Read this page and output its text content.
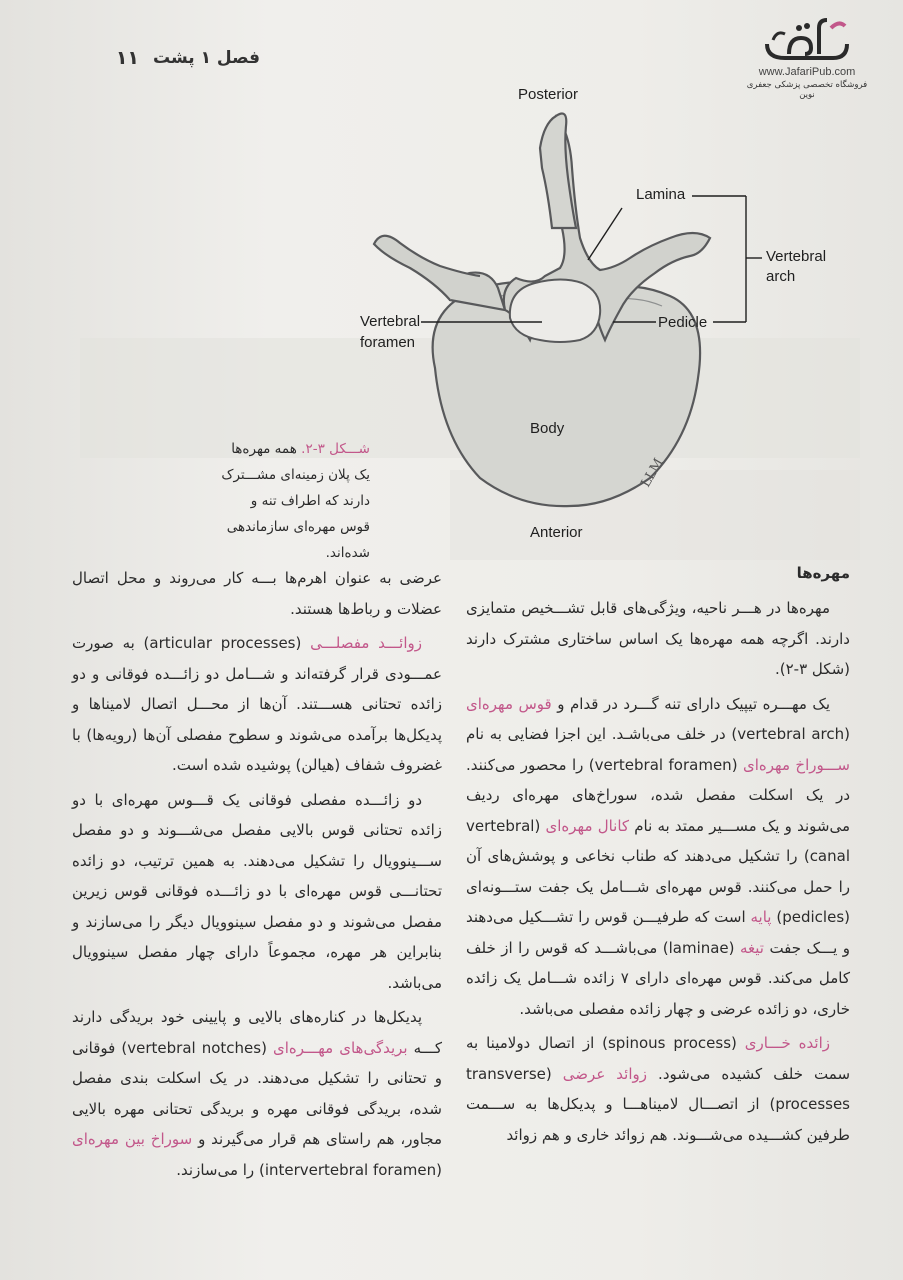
فصل ۱ پشت
۱۱
www.JafariPub.com
فروشگاه تخصصی پزشکی جعفری نوین
LLM
Posterior
Lamina
Vertebral
arch
Vertebral
foramen
Pedicle
Body
Anterior
شـــکل ۳-۲. همه مهره‌ها یک پلان زمینه‌ای مشـــترک دارند که اطراف تنه و قوس مهره‌ای سازماندهی شده‌اند.
مهره‌ها

مهره‌ها در هـــر ناحیه، ویژگی‌های قابل تشـــخیص متمایزی دارند. اگرچه همه مهره‌ها یک اساس ساختاری مشترک دارند (شکل ۳-۲).

یک مهـــره تیپیک دارای تنه گـــرد در قدام و قوس مهره‌ای (vertebral arch) در خلف می‌باشـد. این اجزا فضایی به نام ســـوراخ مهره‌ای (vertebral foramen) را محصور می‌کنند. در یک اسکلت مفصل شده، سوراخ‌های مهره‌ای ردیف می‌شوند و یک مســـیر ممتد به نام کانال مهره‌ای (vertebral canal) را تشکیل می‌دهند که طناب نخاعی و پوشش‌های آن را حمل می‌کنند. قوس مهره‌ای شـــامل یک جفت ستـــونه‌ای (pedicles) پایه است که طرفیـــن قوس را تشـــکیل می‌دهند و یـــک جفت تیغه (laminae) می‌باشـــد که قوس را از خلف کامل می‌کند. قوس مهره‌ای دارای ۷ زائده شـــامل یک زائده خاری، دو زائده عرضی و چهار زائده مفصلی می‌باشد.

زائده خـــاری (spinous process) از اتصال دولامینا به سمت خلف کشیده می‌شود. زوائد عرضی (transverse processes) از اتصـــال لامیناهـــا و پدیکل‌ها به ســـمت طرفین کشـــیده می‌شـــوند. هم زوائد خاری و هم زوائد

عرضی به عنوان اهرم‌ها بـــه کار می‌روند و محل اتصال عضلات و رباط‌ها هستند.

زوائـــد مفصلـــی (articular processes) به صورت عمـــودی قرار گرفته‌اند و شـــامل دو زائـــده فوقانی و دو زائده تحتانی هســـتند. آن‌ها از محـــل اتصال لامیناها و پدیکل‌ها برآمده می‌شوند و سطوح مفصلی آن‌ها (رویه‌ها) با غضروف شفاف (هیالن) پوشیده شده است.

دو زائـــده مفصلی فوقانی یک قـــوس مهره‌ای با دو زائده تحتانی قوس بالایی مفصل می‌شـــوند و دو مفصل ســـینوویال را تشکیل می‌دهند. به همین ترتیب، دو زائده تحتانـــی قوس مهره‌ای با دو زائـــده فوقانی قوس زیرین مفصل می‌شوند و دو مفصل سینوویال دیگر را می‌سازند و بنابراین هر مهره، مجموعاً دارای چهار مفصل سینوویال می‌باشد.

پدیکل‌ها در کناره‌های بالایی و پایینی خود بریدگی دارند کـــه بریدگی‌های مهـــره‌ای (vertebral notches) فوقانی و تحتانی را تشکیل می‌دهند. در یک اسکلت بندی مفصل شده، بریدگی فوقانی مهره و بریدگی تحتانی مهره بالایی مجاور، هم راستای هم قرار می‌گیرند و سوراخ بین مهره‌ای (intervertebral foramen) را می‌سازند.
